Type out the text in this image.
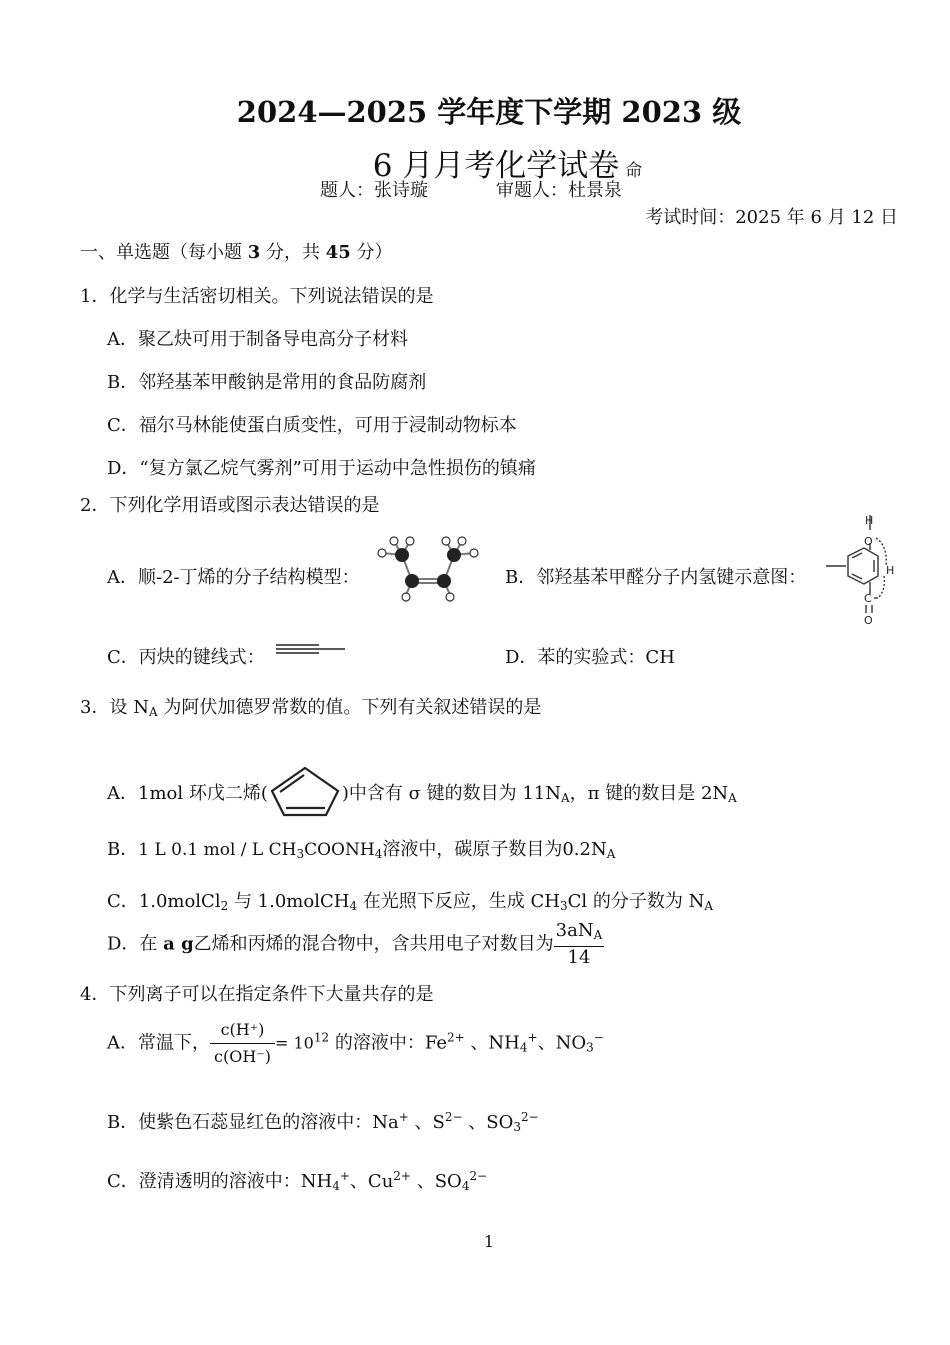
2024—2025 学年度下学期 2023 级
6 月月考化学试卷 命
题人：张诗璇	审题人：杜景泉
考试时间：2025 年 6 月 12 日
一、单选题（每小题 3 分，共 45 分）
1．化学与生活密切相关。下列说法错误的是
A．聚乙炔可用于制备导电高分子材料
B．邻羟基苯甲酸钠是常用的食品防腐剂
C．福尔马林能使蛋白质变性，可用于浸制动物标本
D．“复方氯乙烷气雾剂”可用于运动中急性损伤的镇痛
2．下列化学用语或图示表达错误的是
A．顺-2-丁烯的分子结构模型：	B．邻羟基苯甲醛分子内氢键示意图：
H
O
H
C
O
C．丙炔的键线式：	D．苯的实验式：CH
3．设 $N_A$ 为阿伏加德罗常数的值。下列有关叙述错误的是
A．1mol 环戊二烯(	)中含有 σ 键的数目为 $11N_A$，π 键的数目是 $2N_A$
B．1 L 0.1 mol / L $CH_3COONH_4$溶液中，碳原子数目为$0.2N_A$
C．1.0molCl$_2$ 与 1.0molCH$_4$ 在光照下反应，生成 $CH_3Cl$ 的分子数为 $N_A$
D．在 a g乙烯和丙烯的混合物中，含共用电子对数目为 $\frac{3aN_A}{14}$
4．下列离子可以在指定条件下大量共存的是
A．常温下， $\frac{c(H^+)}{c(OH^-)} = 10^{12}$ 的溶液中：$Fe^{2+}$ 、$NH_4^+$、$NO_3^-$
B．使紫色石蕊显红色的溶液中：Na+ 、$S^{2-}$ 、$SO_3^{2-}$
C．澄清透明的溶液中：$NH_4^+$、$Cu^{2+}$ 、$SO_4^{2-}$
1
